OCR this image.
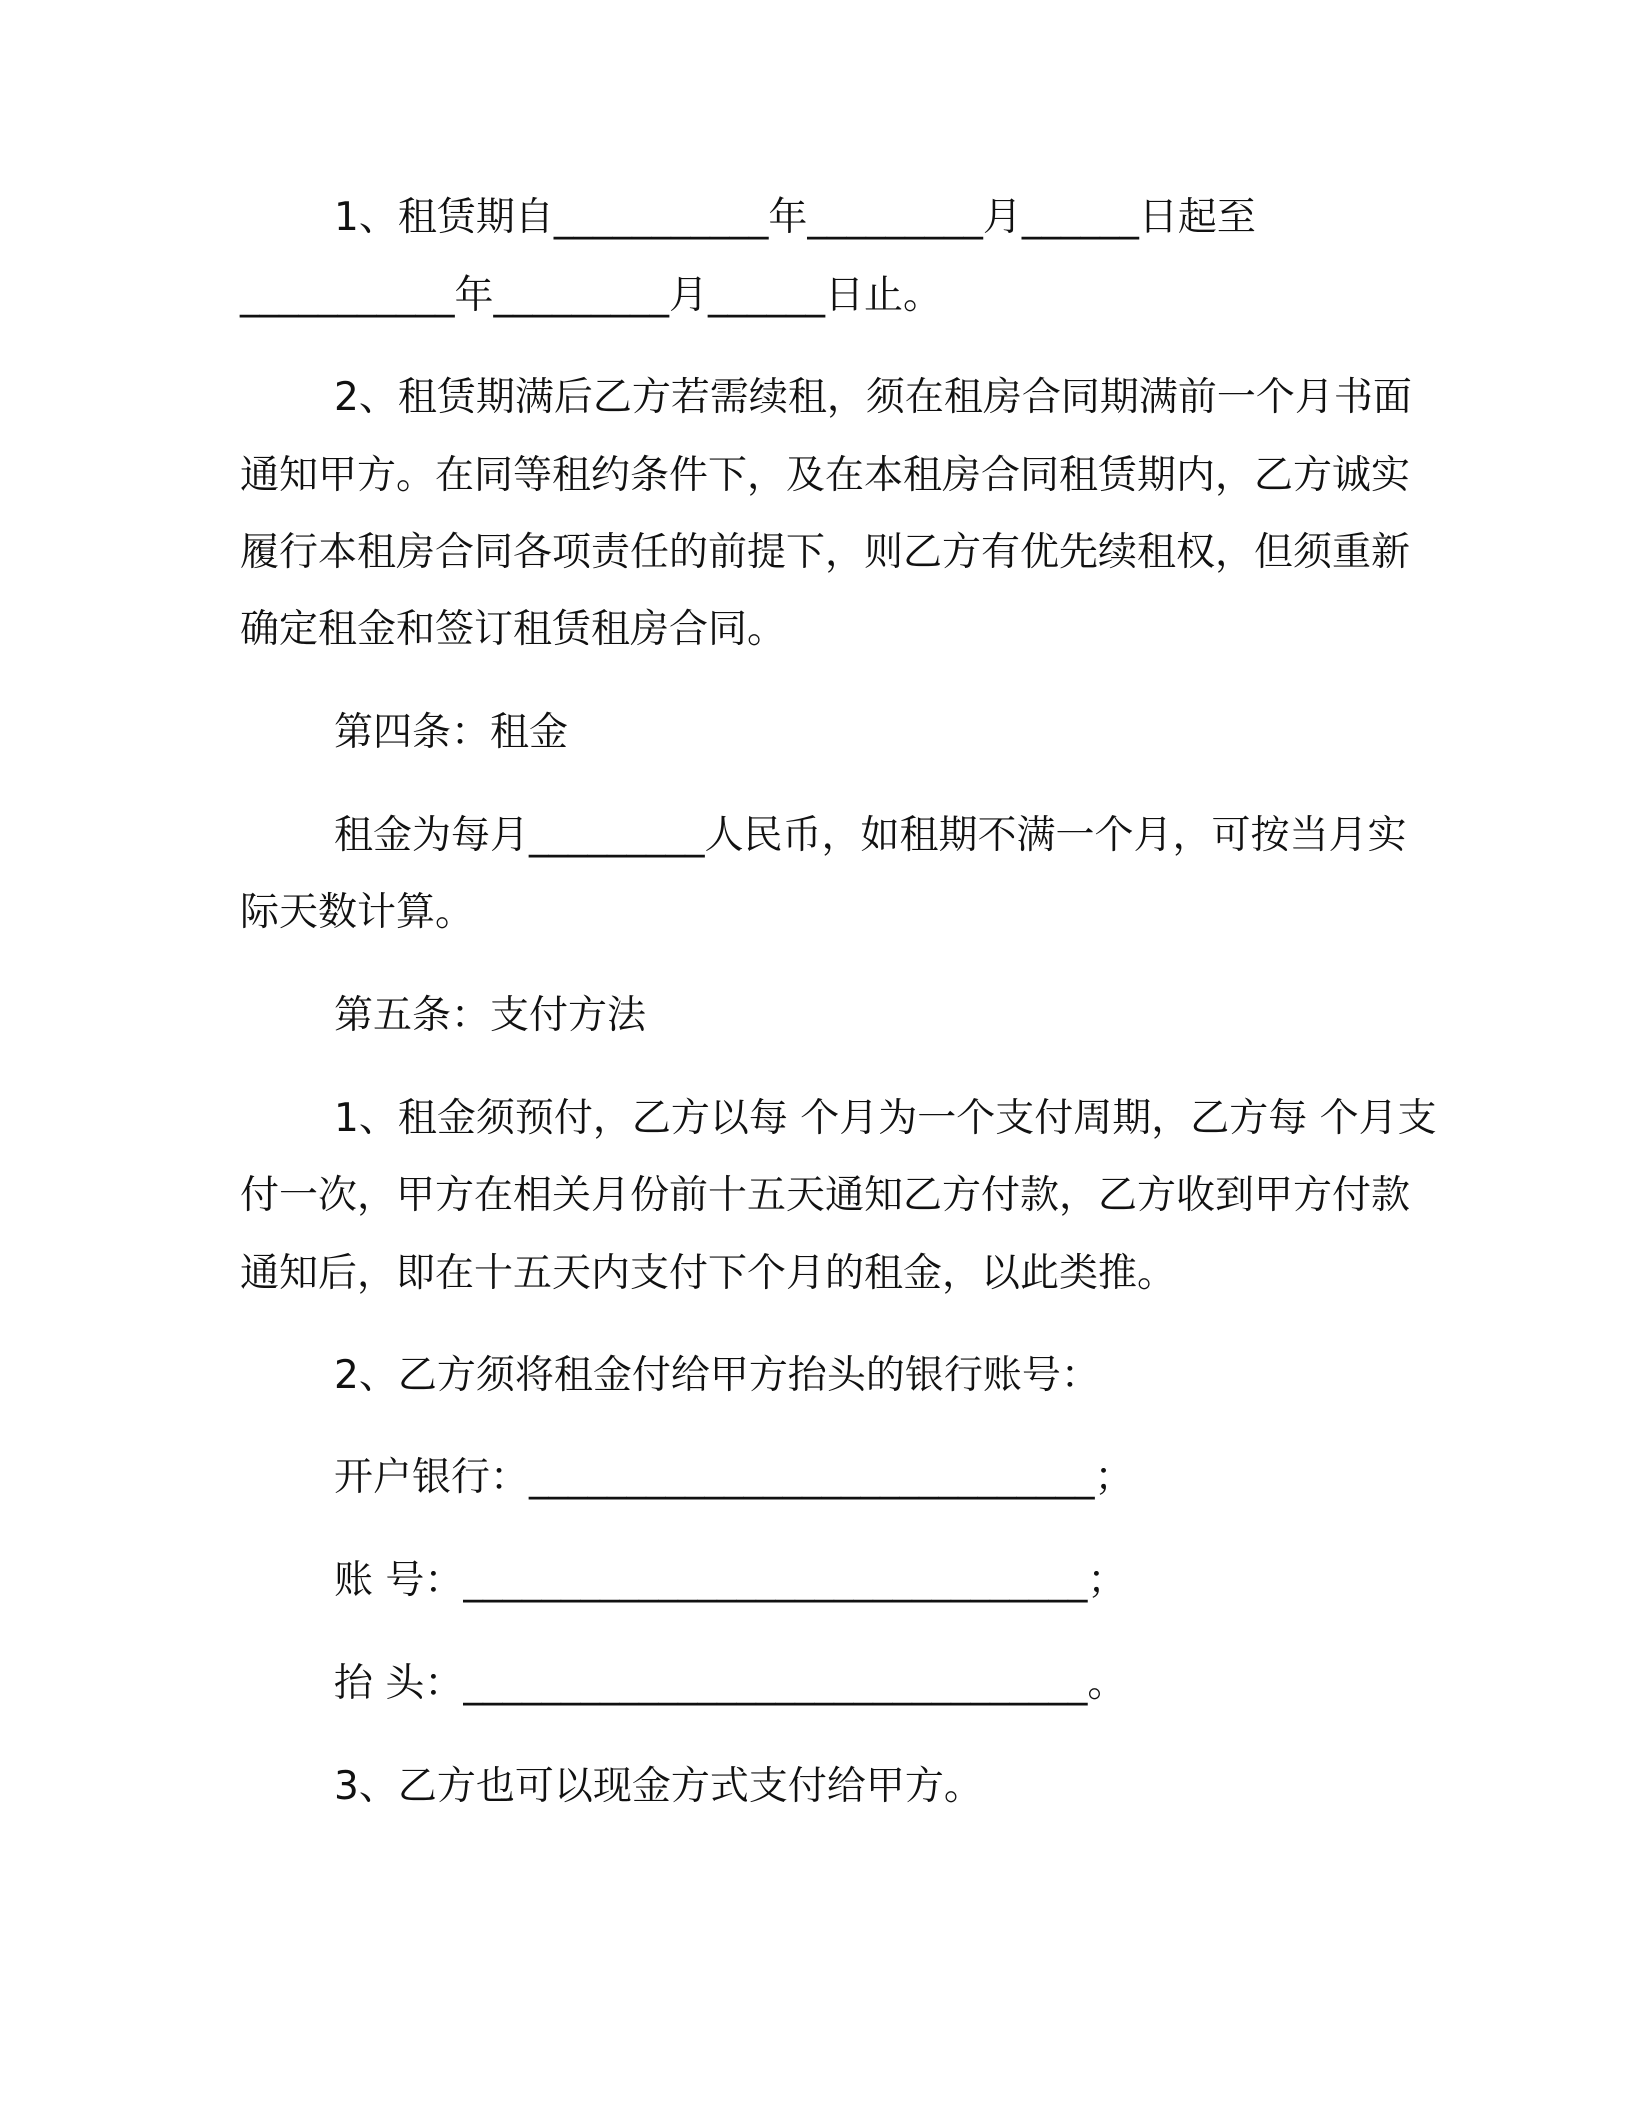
1、租赁期自___________年_________月______日起至
___________年_________月______日止。
2、租赁期满后乙方若需续租，须在租房合同期满前一个月书面
通知甲方。在同等租约条件下，及在本租房合同租赁期内，乙方诚实
履行本租房合同各项责任的前提下，则乙方有优先续租权，但须重新
确定租金和签订租赁租房合同。
第四条：租金
租金为每月_________人民币，如租期不满一个月，可按当月实
际天数计算。
第五条：支付方法
1、租金须预付，乙方以每 个月为一个支付周期，乙方每 个月支
付一次，甲方在相关月份前十五天通知乙方付款，乙方收到甲方付款
通知后，即在十五天内支付下个月的租金，以此类推。
2、乙方须将租金付给甲方抬头的银行账号：
开户银行：_____________________________；
账 号：________________________________；
抬 头：________________________________。
3、乙方也可以现金方式支付给甲方。
